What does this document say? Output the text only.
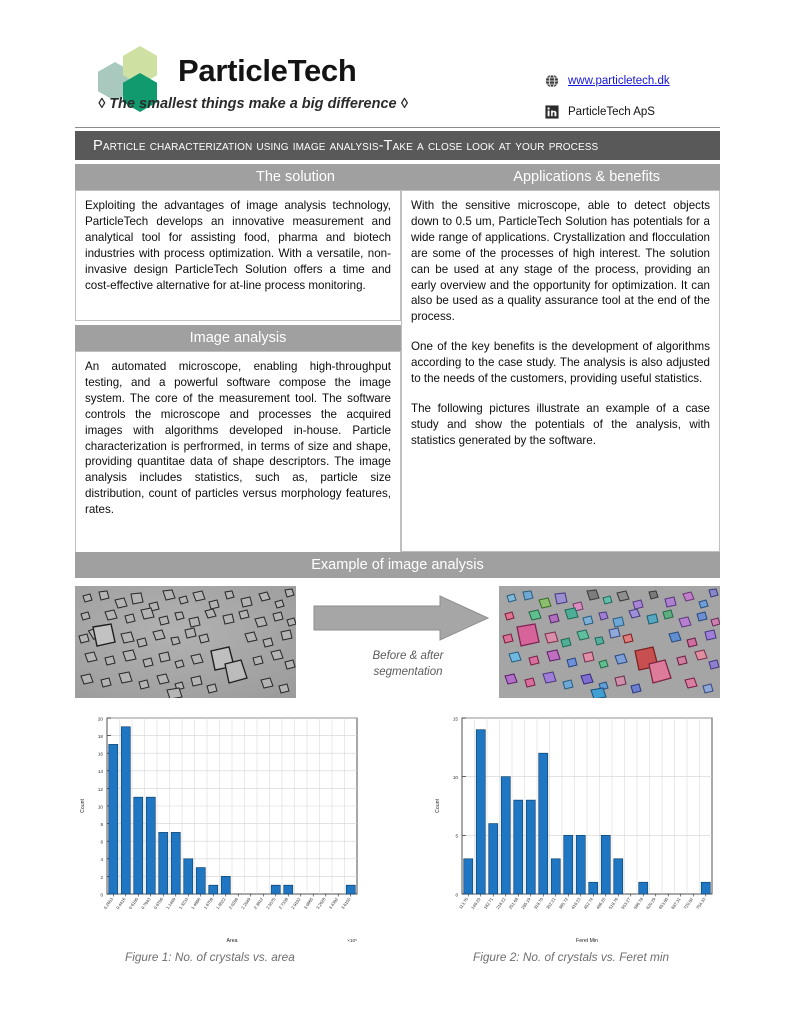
ParticleTech
◊ The smallest things make a big difference ◊
www.particletech.dk
ParticleTech ApS
Particle characterization using image analysis-Take a close look at your process
The solution
Exploiting the advantages of image analysis technology, ParticleTech develops an innovative measurement and analytical tool for assisting food, pharma and biotech industries with process optimization. With a versatile, non-invasive design ParticleTech Solution offers a time and cost-effective alternative for at-line process monitoring.
Image analysis
An automated microscope, enabling high-throughput testing, and a powerful software compose the image system. The core of the measurement tool. The software controls the microscope and processes the acquired images with algorithms developed in-house. Particle characterization is perfrormed, in terms of size and shape, providing quantitae data of shape descriptors. The image analysis includes statistics, such as, particle size distribution, count of particles versus morphology features, rates.
Applications & benefits

With the sensitive microscope, able to detect objects down to 0.5 um, ParticleTech Solution has potentials for a wide range of applications. Crystallization and flocculation are some of the processes of high interest. The solution can be used at any stage of the process, providing an early overview and the opportunity for optimization. It can also be used as a quality assurance tool at the end of the process.

One of the key benefits is the development of algorithms according to the case study. The analysis is also adjusted to the needs of the customers, providing useful statistics.

The following pictures illustrate an example of a case study and show the potentials of the analysis, with statistics generated by the software.

Example of image analysis
Before & after
segmentation
0
2
4
6
8
10
12
14
16
18
20
0.2653 0.4416 0.6180 0.7943 0.9706 1.1469 1.3233 1.4996 1.6759 1.8522 2.0286 2.2049 2.3812 2.5575 2.7339 2.9102 3.0865 3.2628 3.4392 3.6155
Area
Count
×10⁵
0
5
10
15
113.75 149.20 182.71 218.22 251.68 285.19 318.70 352.21 385.72 419.23 452.74 486.25 519.76 553.27 586.78 620.29 653.80 687.31 720.82 754.33
Feret Min
Count
Figure 1: No. of crystals vs. area	Figure 2: No. of crystals vs. Feret min
